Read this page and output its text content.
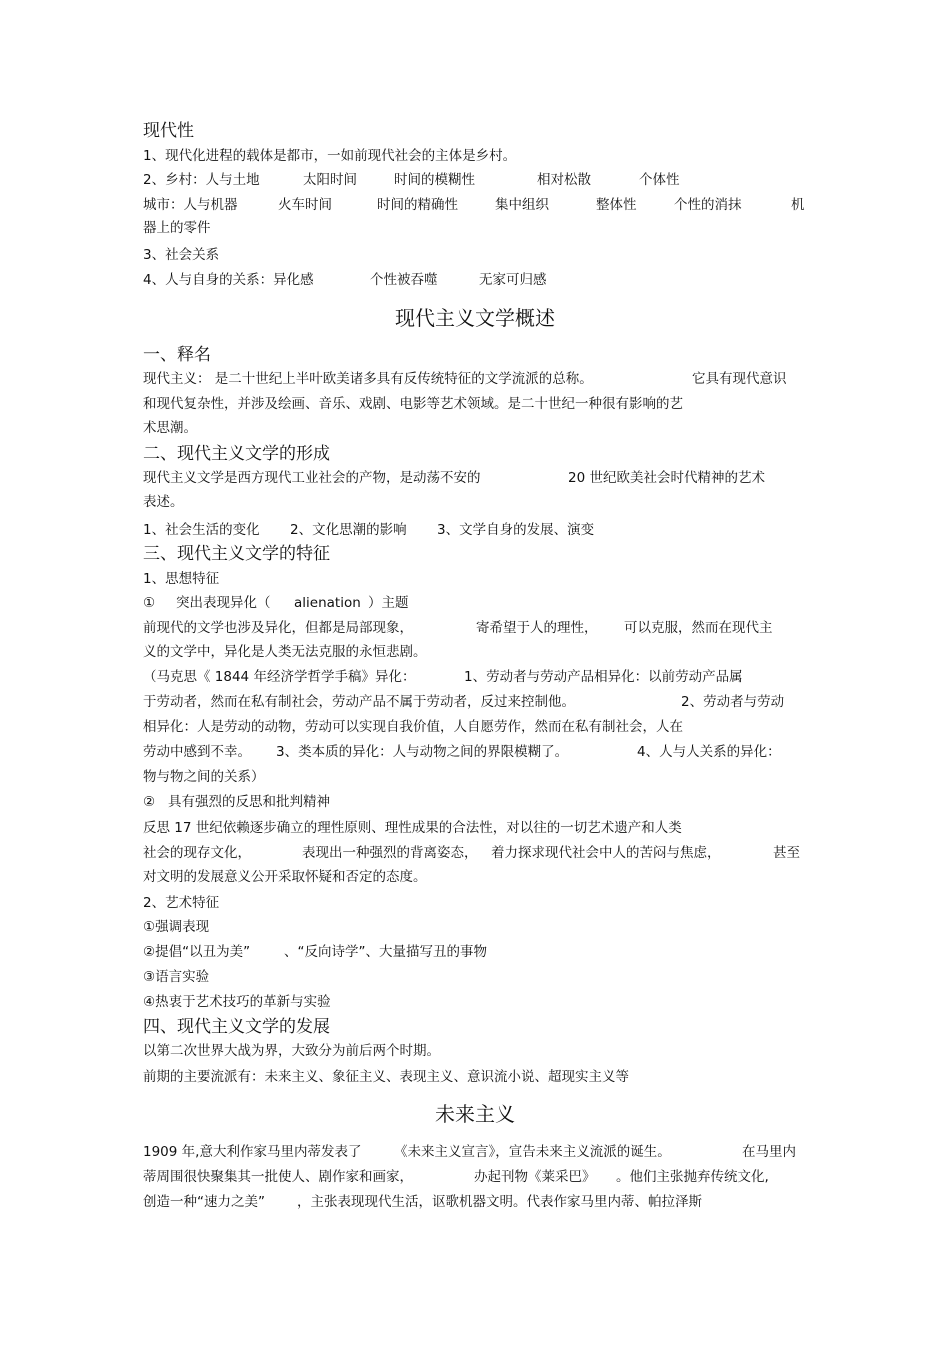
现代性
1、现代化进程的载体是都市，一如前现代社会的主体是乡村。
2、乡村：人与土地	太阳时间	时间的模糊性	相对松散	个体性
城市：人与机器	火车时间	时间的精确性	集中组织	整体性	个性的消抹	机
器上的零件
3、社会关系
4、人与自身的关系：异化感	个性被吞噬	无家可归感
现代主义文学概述
一、释名
现代主义： 是二十世纪上半叶欧美诸多具有反传统特征的文学流派的总称。	它具有现代意识
和现代复杂性，并涉及绘画、音乐、戏剧、电影等艺术领域。是二十世纪一种很有影响的艺
术思潮。
二、现代主义文学的形成
现代主义文学是西方现代工业社会的产物，是动荡不安的	20 世纪欧美社会时代精神的艺术
表述。
1、社会生活的变化 2、文化思潮的影响 3、文学自身的发展、演变
三、现代主义文学的特征
1、思想特征
① 突出表现异化（ alienation ）主题
前现代的文学也涉及异化，但都是局部现象，	寄希望于人的理性， 可以克服，然而在现代主
义的文学中，异化是人类无法克服的永恒悲剧。
（马克思《 1844 年经济学哲学手稿》异化：	1、劳动者与劳动产品相异化：以前劳动产品属
于劳动者，然而在私有制社会，劳动产品不属于劳动者，反过来控制他。	2、劳动者与劳动
相异化：人是劳动的动物，劳动可以实现自我价值，人自愿劳作，然而在私有制社会，人在
劳动中感到不幸。 3、类本质的异化：人与动物之间的界限模糊了。	4、人与人关系的异化：
物与物之间的关系）
② 具有强烈的反思和批判精神
反思 17 世纪依赖逐步确立的理性原则、理性成果的合法性，对以往的一切艺术遗产和人类
社会的现存文化，	表现出一种强烈的背离姿态， 着力探求现代社会中人的苦闷与焦虑，	甚至
对文明的发展意义公开采取怀疑和否定的态度。
2、艺术特征
①强调表现
②提倡“以丑为美”	、“反向诗学”、大量描写丑的事物
③语言实验
④热衷于艺术技巧的革新与实验
四、现代主义文学的发展
以第二次世界大战为界，大致分为前后两个时期。
前期的主要流派有：未来主义、象征主义、表现主义、意识流小说、超现实主义等
未来主义
1909 年,意大利作家马里内蒂发表了 《未来主义宣言》，宣告未来主义流派的诞生。	在马里内
蒂周围很快聚集其一批使人、剧作家和画家，	办起刊物《莱采巴》 。他们主张抛弃传统文化,
创造一种“速力之美” ，主张表现现代生活，讴歌机器文明。代表作家马里内蒂、帕拉泽斯
